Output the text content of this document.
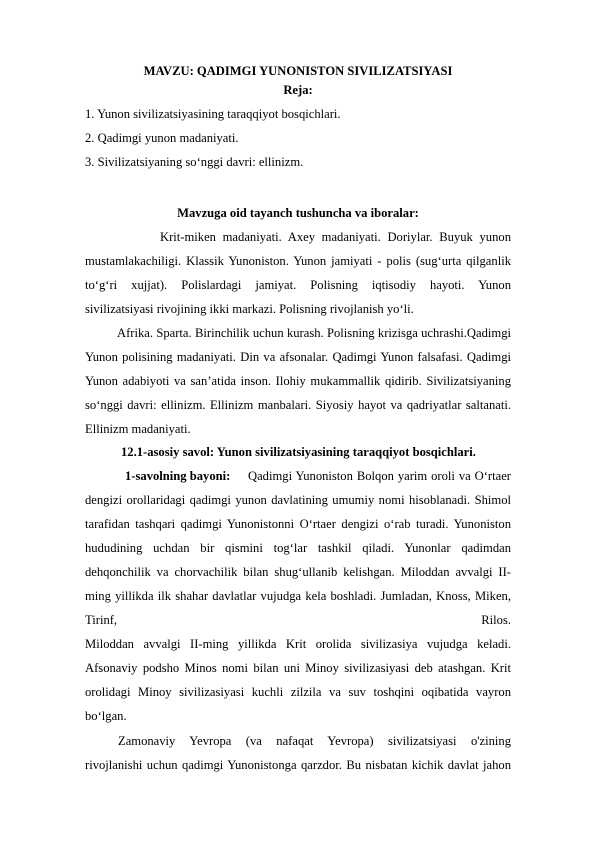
MAVZU: QADIMGI YUNONISTON SIVILIZATSIYASI
Reja:
1. Yunon sivilizatsiyasining taraqqiyot bosqichlari.
2. Qadimgi yunon madaniyati.
3. Sivilizatsiyaning so‘nggi davri: ellinizm.
Mavzuga oid tayanch tushuncha va iboralar:
Krit-miken madaniyati. Axey madaniyati. Doriylar. Buyuk yunon
mustamlakachiligi. Klassik Yunoniston. Yunon jamiyati - polis (sug‘urta qilganlik
to‘g‘ri xujjat). Polislardagi jamiyat. Polisning iqtisodiy hayoti. Yunon
sivilizatsiyasi rivojining ikki markazi. Polisning rivojlanish yo‘li.
Afrika. Sparta. Birinchilik uchun kurash. Polisning krizisga uchrashi.Qadimgi
Yunon polisining madaniyati. Din va afsonalar. Qadimgi Yunon falsafasi. Qadimgi
Yunon adabiyoti va san’atida inson. Ilohiy mukammallik qidirib. Sivilizatsiyaning
so‘nggi davri: ellinizm. Ellinizm manbalari. Siyosiy hayot va qadriyatlar saltanati.
Ellinizm madaniyati.
12.1-asosiy savol: Yunon sivilizatsiyasining taraqqiyot bosqichlari.
1-savolning bayoni: Qadimgi Yunoniston Bolqon yarim oroli va O‘rtaer
dengizi orollaridagi qadimgi yunon davlatining umumiy nomi hisoblanadi. Shimol
tarafidan tashqari qadimgi Yunonistonni O‘rtaer dengizi o‘rab turadi. Yunoniston
hududining uchdan bir qismini tog‘lar tashkil qiladi. Yunonlar qadimdan
dehqonchilik va chorvachilik bilan shug‘ullanib kelishgan. Miloddan avvalgi II-
ming yillikda ilk shahar davlatlar vujudga kela boshladi. Jumladan, Knoss, Miken,
Tirinf,	Rilos.
Miloddan avvalgi II-ming yillikda Krit orolida sivilizasiya vujudga keladi.
Afsonaviy podsho Minos nomi bilan uni Minoy sivilizasiyasi deb atashgan. Krit
orolidagi Minoy sivilizasiyasi kuchli zilzila va suv toshqini oqibatida vayron
bo‘lgan.
Zamonaviy Yevropa (va nafaqat Yevropa) sivilizatsiyasi o'zining
rivojlanishi uchun qadimgi Yunonistonga qarzdor. Bu nisbatan kichik davlat jahon
